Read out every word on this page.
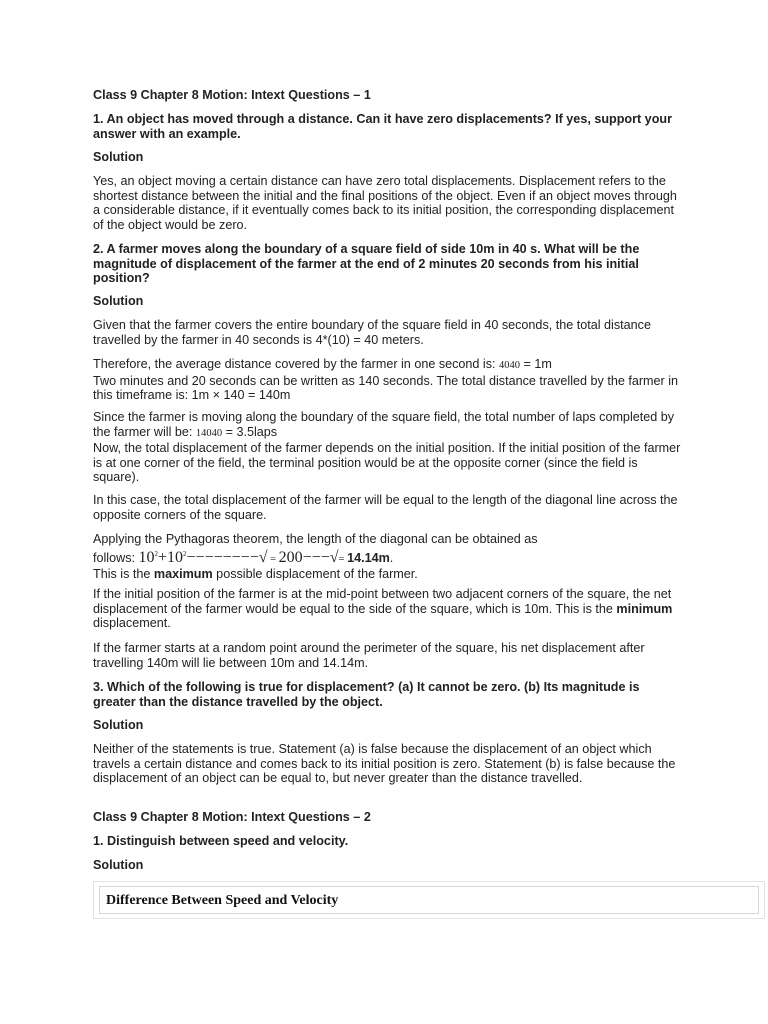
Class 9 Chapter 8 Motion: Intext Questions – 1

1. An object has moved through a distance. Can it have zero displacements? If yes, support your answer with an example.

Solution

Yes, an object moving a certain distance can have zero total displacements. Displacement refers to the shortest distance between the initial and the final positions of the object. Even if an object moves through a considerable distance, if it eventually comes back to its initial position, the corresponding displacement of the object would be zero.

2. A farmer moves along the boundary of a square field of side 10m in 40 s. What will be the magnitude of displacement of the farmer at the end of 2 minutes 20 seconds from his initial position?

Solution

Given that the farmer covers the entire boundary of the square field in 40 seconds, the total distance travelled by the farmer in 40 seconds is 4*(10) = 40 meters.

Therefore, the average distance covered by the farmer in one second is: 4040 = 1m
Two minutes and 20 seconds can be written as 140 seconds. The total distance travelled by the farmer in this timeframe is: 1m × 140 = 140m

Since the farmer is moving along the boundary of the square field, the total number of laps completed by the farmer will be: 14040 = 3.5laps
Now, the total displacement of the farmer depends on the initial position. If the initial position of the farmer is at one corner of the field, the terminal position would be at the opposite corner (since the field is square).

In this case, the total displacement of the farmer will be equal to the length of the diagonal line across the opposite corners of the square.

Applying the Pythagoras theorem, the length of the diagonal can be obtained as
follows: $10^2+10^2--------√ = 200---√= 14.14m$.
This is the maximum possible displacement of the farmer.

If the initial position of the farmer is at the mid-point between two adjacent corners of the square, the net displacement of the farmer would be equal to the side of the square, which is 10m. This is the minimum displacement.

If the farmer starts at a random point around the perimeter of the square, his net displacement after travelling 140m will lie between 10m and 14.14m.

3. Which of the following is true for displacement? (a) It cannot be zero. (b) Its magnitude is greater than the distance travelled by the object.

Solution

Neither of the statements is true. Statement (a) is false because the displacement of an object which travels a certain distance and comes back to its initial position is zero. Statement (b) is false because the displacement of an object can be equal to, but never greater than the distance travelled.

Class 9 Chapter 8 Motion: Intext Questions – 2

1. Distinguish between speed and velocity.

Solution

Difference Between Speed and Velocity
